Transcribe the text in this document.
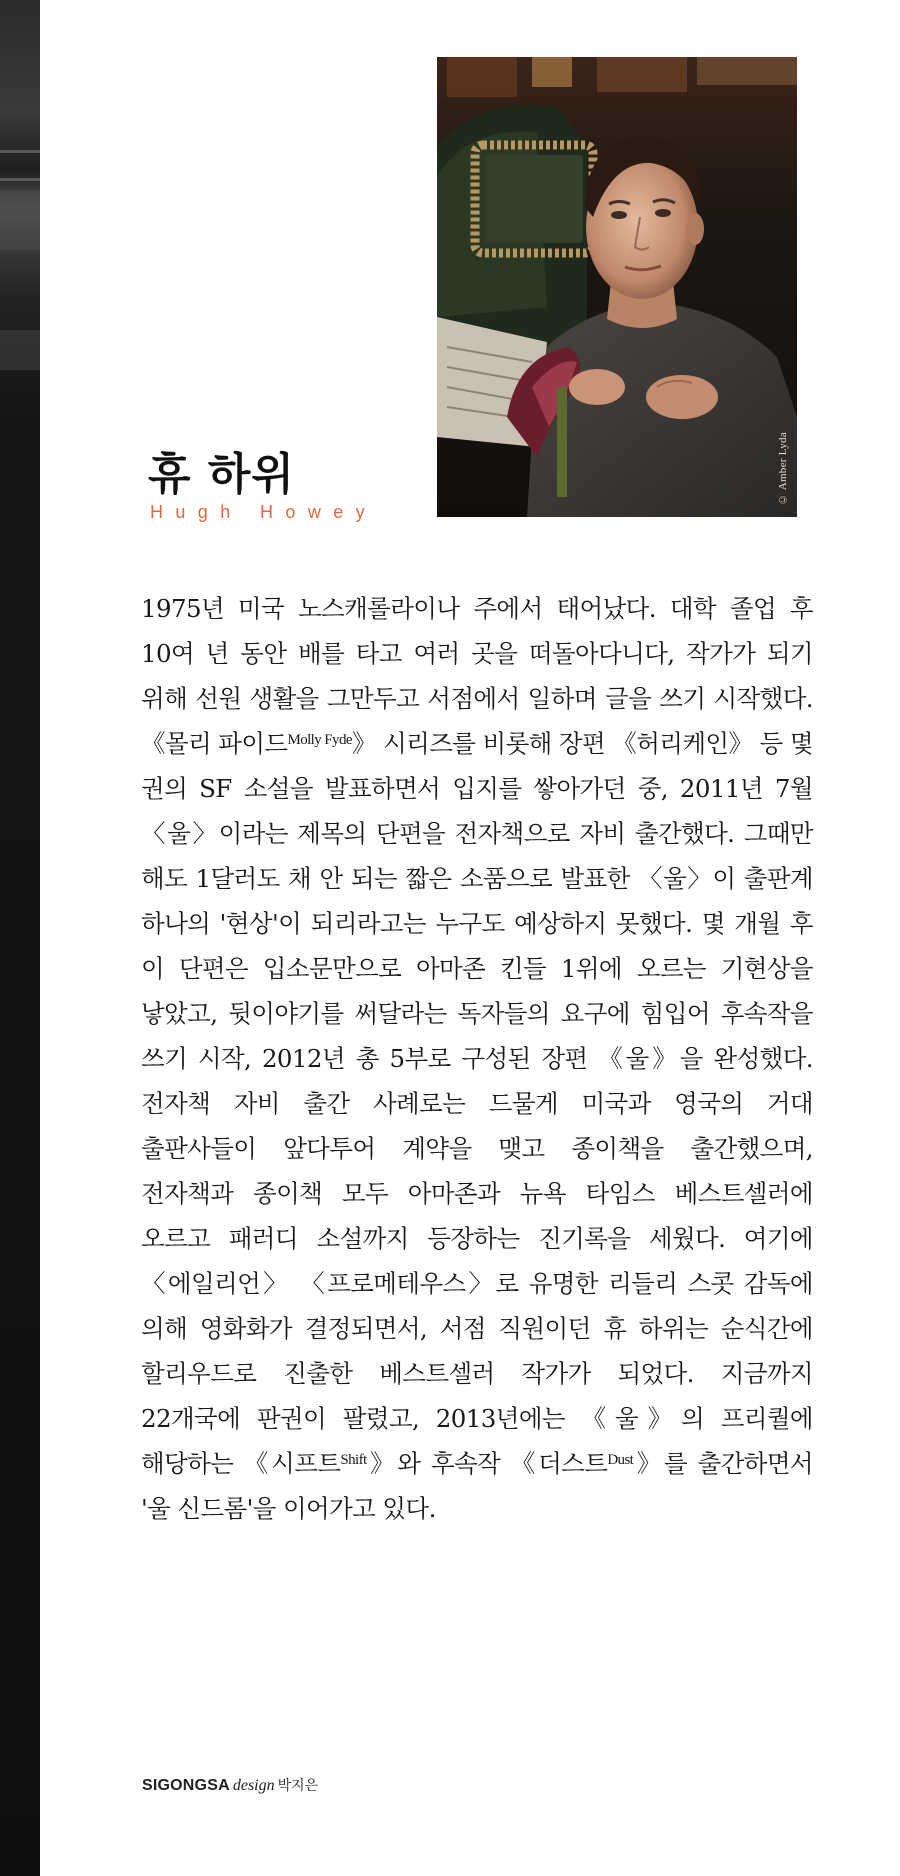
© Amber Lyda
휴 하위
Hugh Howey

1975년 미국 노스캐롤라이나 주에서 태어났다. 대학 졸업 후 10여 년 동안 배를 타고 여러 곳을 떠돌아다니다, 작가가 되기 위해 선원 생활을 그만두고 서점에서 일하며 글을 쓰기 시작했다. 《몰리 파이드$^{Molly Fyde}$》 시리즈를 비롯해 장편 《허리케인》 등 몇 권의 SF 소설을 발표하면서 입지를 쌓아가던 중, 2011년 7월 〈울〉이라는 제목의 단편을 전자책으로 자비 출간했다. 그때만 해도 1달러도 채 안 되는 짧은 소품으로 발표한 〈울〉이 출판계 하나의 '현상'이 되리라고는 누구도 예상하지 못했다. 몇 개월 후 이 단편은 입소문만으로 아마존 킨들 1위에 오르는 기현상을 낳았고, 뒷이야기를 써달라는 독자들의 요구에 힘입어 후속작을 쓰기 시작, 2012년 총 5부로 구성된 장편 《울》을 완성했다. 전자책 자비 출간 사례로는 드물게 미국과 영국의 거대 출판사들이 앞다투어 계약을 맺고 종이책을 출간했으며, 전자책과 종이책 모두 아마존과 뉴욕 타임스 베스트셀러에 오르고 패러디 소설까지 등장하는 진기록을 세웠다. 여기에 〈에일리언〉 〈프로메테우스〉로 유명한 리들리 스콧 감독에 의해 영화화가 결정되면서, 서점 직원이던 휴 하위는 순식간에 할리우드로 진출한 베스트셀러 작가가 되었다. 지금까지 22개국에 판권이 팔렸고, 2013년에는 《울》의 프리퀄에 해당하는 《시프트$^{Shift}$》와 후속작 《더스트$^{Dust}$》를 출간하면서 '울 신드롬'을 이어가고 있다.

SIGONGSA design 박지은
